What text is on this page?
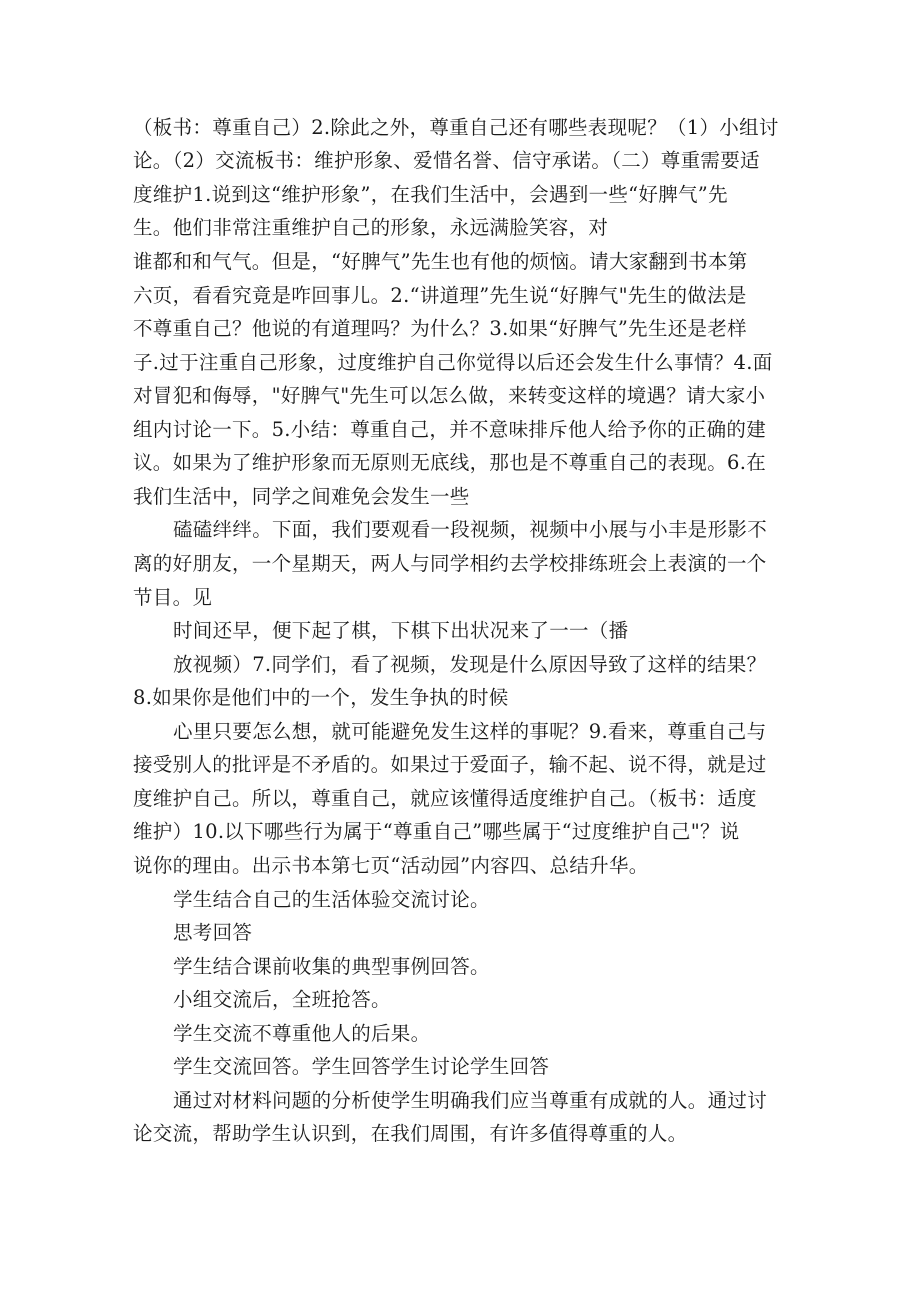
（板书：尊重自己）2.除此之外，尊重自己还有哪些表现呢？（1）小组讨
论。（2）交流板书：维护形象、爱惜名誉、信守承诺。（二）尊重需要适
度维护1.说到这“维护形象”，在我们生活中，会遇到一些“好脾气”先
生。他们非常注重维护自己的形象，永远满脸笑容，对
谁都和和气气。但是，“好脾气”先生也有他的烦恼。请大家翻到书本第
六页，看看究竟是咋回事儿。2.“讲道理”先生说“好脾气"先生的做法是
不尊重自己？他说的有道理吗？为什么？3.如果“好脾气”先生还是老样
子.过于注重自己形象，过度维护自己你觉得以后还会发生什么事情？4.面
对冒犯和侮辱，"好脾气"先生可以怎么做，来转变这样的境遇？请大家小
组内讨论一下。5.小结：尊重自己，并不意味排斥他人给予你的正确的建
议。如果为了维护形象而无原则无底线，那也是不尊重自己的表现。6.在
我们生活中，同学之间难免会发生一些
磕磕绊绊。下面，我们要观看一段视频，视频中小展与小丰是形影不
离的好朋友，一个星期天，两人与同学相约去学校排练班会上表演的一个
节目。见
时间还早，便下起了棋，下棋下出状况来了一一（播
放视频）7.同学们，看了视频，发现是什么原因导致了这样的结果？
8.如果你是他们中的一个，发生争执的时候
心里只要怎么想，就可能避免发生这样的事呢？9.看来，尊重自己与
接受别人的批评是不矛盾的。如果过于爱面子，输不起、说不得，就是过
度维护自己。所以，尊重自己，就应该懂得适度维护自己。（板书：适度
维护）10.以下哪些行为属于“尊重自己”哪些属于“过度维护自己"？说
说你的理由。出示书本第七页“活动园”内容四、总结升华。
学生结合自己的生活体验交流讨论。
思考回答
学生结合课前收集的典型事例回答。
小组交流后，全班抢答。
学生交流不尊重他人的后果。
学生交流回答。学生回答学生讨论学生回答
通过对材料问题的分析使学生明确我们应当尊重有成就的人。通过讨
论交流，帮助学生认识到，在我们周围，有许多值得尊重的人。
